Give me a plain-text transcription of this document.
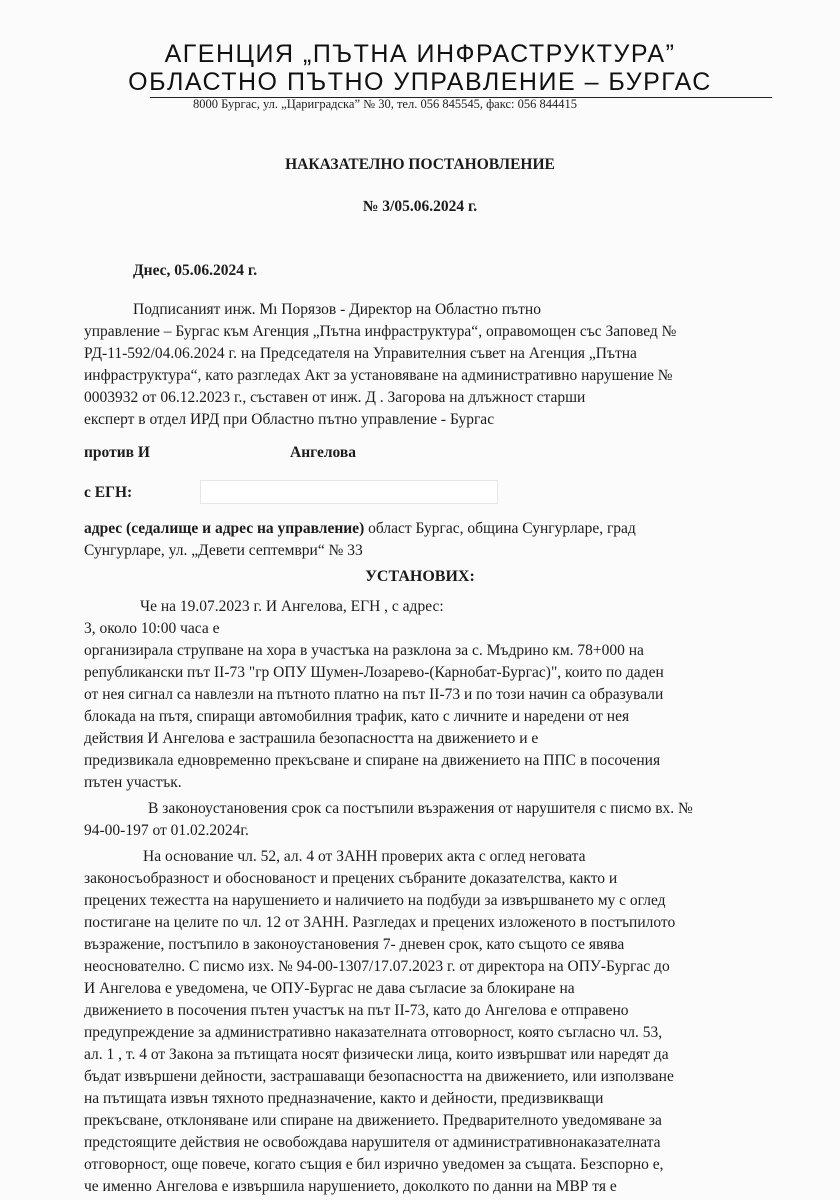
АГЕНЦИЯ „ПЪТНА ИНФРАСТРУКТУРА”
ОБЛАСТНО ПЪТНО УПРАВЛЕНИЕ – БУРГАС
8000 Бургас, ул. „Цариградска” № 30, тел. 056 845545, факс: 056 844415
НАКАЗАТЕЛНО ПОСТАНОВЛЕНИЕ
№ 3/05.06.2024 г.
Днес, 05.06.2024 г.
Подписаният инж. Мı Порязов - Директор на Областно пътно
управление – Бургас към Агенция „Пътна инфраструктура“, оправомощен със Заповед №
РД-11-592/04.06.2024 г. на Председателя на Управителния съвет на Агенция „Пътна
инфраструктура“, като разгледах Акт за установяване на административно нарушение №
0003932 от 06.12.2023 г., съставен от инж. Д . Загорова на длъжност старши
експерт в отдел ИРД при Областно пътно управление - Бургас
против И	Ангелова
с ЕГН:
адрес (седалище и адрес на управление) област Бургас, община Сунгурларе, град
Сунгурларе, ул. „Девети септември“ № 33
УСТАНОВИХ:
Че на 19.07.2023 г. И Ангелова, ЕГН , с адрес:
3, около 10:00 часа е
организирала струпване на хора в участъка на разклона за с. Мъдрино км. 78+000 на
републикански път II-73 "гр ОПУ Шумен-Лозарево-(Карнобат-Бургас)", които по даден
от нея сигнал са навлезли на пътното платно на път II-73 и по този начин са образували
блокада на пътя, спиращи автомобилния трафик, като с личните и наредени от нея
действия И Ангелова е застрашила безопасността на движението и е
предизвикала едновременно прекъсване и спиране на движението на ППС в посочения
пътен участък.
В законоустановения срок са постъпили възражения от нарушителя с писмо вх. №
94-00-197 от 01.02.2024г.
На основание чл. 52, ал. 4 от ЗАНН проверих акта с оглед неговата
законосъобразност и обоснованост и прецених събраните доказателства, както и
прецених тежестта на нарушението и наличието на подбуди за извършването му с оглед
постигане на целите по чл. 12 от ЗАНН. Разгледах и прецених изложеното в постъпилото
възражение, постъпило в законоустановения 7- дневен срок, като същото се явява
неоснователно. С писмо изх. № 94-00-1307/17.07.2023 г. от директора на ОПУ-Бургас до
И Ангелова е уведомена, че ОПУ-Бургас не дава съгласие за блокиране на
движението в посочения пътен участък на път II-73, като до Ангелова е отправено
предупреждение за административно наказателната отговорност, която съгласно чл. 53,
ал. 1 , т. 4 от Закона за пътищата носят физически лица, които извършват или наредят да
бъдат извършени дейности, застрашаващи безопасността на движението, или използване
на пътищата извън тяхното предназначение, както и дейности, предизвикващи
прекъсване, отклоняване или спиране на движението. Предварителното уведомяване за
предстоящите действия не освобождава нарушителя от административнонаказателната
отговорност, още повече, когато същия е бил изрично уведомен за същата. Безспорно е,
че именно Ангелова е извършила нарушението, доколкото по данни на МВР тя е
